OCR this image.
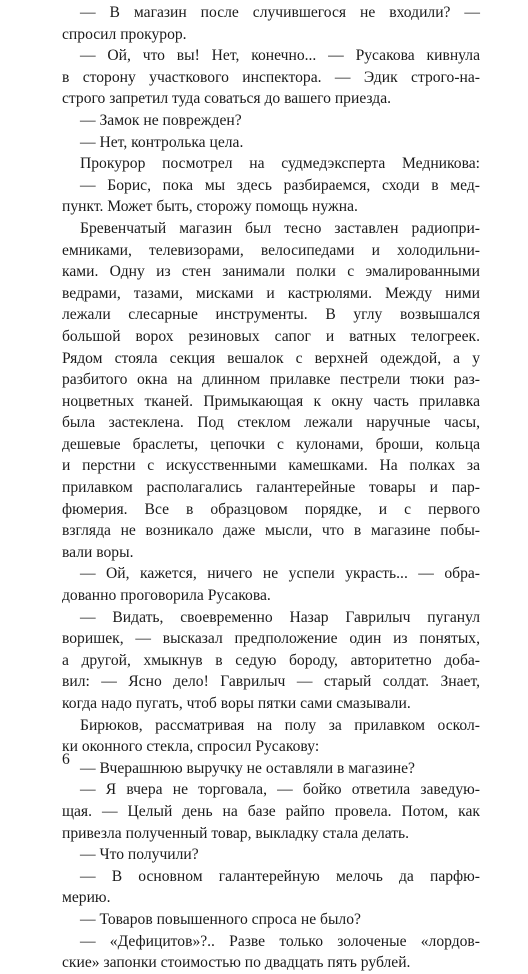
— В магазин после случившегося не входили? —
спросил прокурор.
— Ой, что вы! Нет, конечно... — Русакова кивнула
в сторону участкового инспектора. — Эдик строго-на-
строго запретил туда соваться до вашего приезда.
— Замок не поврежден?
— Нет, контролька цела.
Прокурор посмотрел на судмедэксперта Медникова:
— Борис, пока мы здесь разбираемся, сходи в мед-
пункт. Может быть, сторожу помощь нужна.
Бревенчатый магазин был тесно заставлен радиопри-
емниками, телевизорами, велосипедами и холодильни-
ками. Одну из стен занимали полки с эмалированными
ведрами, тазами, мисками и кастрюлями. Между ними
лежали слесарные инструменты. В углу возвышался
большой ворох резиновых сапог и ватных телогреек.
Рядом стояла секция вешалок с верхней одеждой, а у
разбитого окна на длинном прилавке пестрели тюки раз-
ноцветных тканей. Примыкающая к окну часть прилавка
была застеклена. Под стеклом лежали наручные часы,
дешевые браслеты, цепочки с кулонами, броши, кольца
и перстни с искусственными камешками. На полках за
прилавком располагались галантерейные товары и пар-
фюмерия. Все в образцовом порядке, и с первого
взгляда не возникало даже мысли, что в магазине побы-
вали воры.
— Ой, кажется, ничего не успели украсть... — обра-
дованно проговорила Русакова.
— Видать, своевременно Назар Гаврилыч пуганул
воришек, — высказал предположение один из понятых,
а другой, хмыкнув в седую бороду, авторитетно доба-
вил: — Ясно дело! Гаврилыч — старый солдат. Знает,
когда надо пугать, чтоб воры пятки сами смазывали.
Бирюков, рассматривая на полу за прилавком оскол-
ки оконного стекла, спросил Русакову:
— Вчерашнюю выручку не оставляли в магазине?
— Я вчера не торговала, — бойко ответила заведую-
щая. — Целый день на базе райпо провела. Потом, как
привезла полученный товар, выкладку стала делать.
— Что получили?
— В основном галантерейную мелочь да парфю-
мерию.
— Товаров повышенного спроса не было?
— «Дефицитов»?.. Разве только золоченые «лордов-
ские» запонки стоимостью по двадцать пять рублей.
6
